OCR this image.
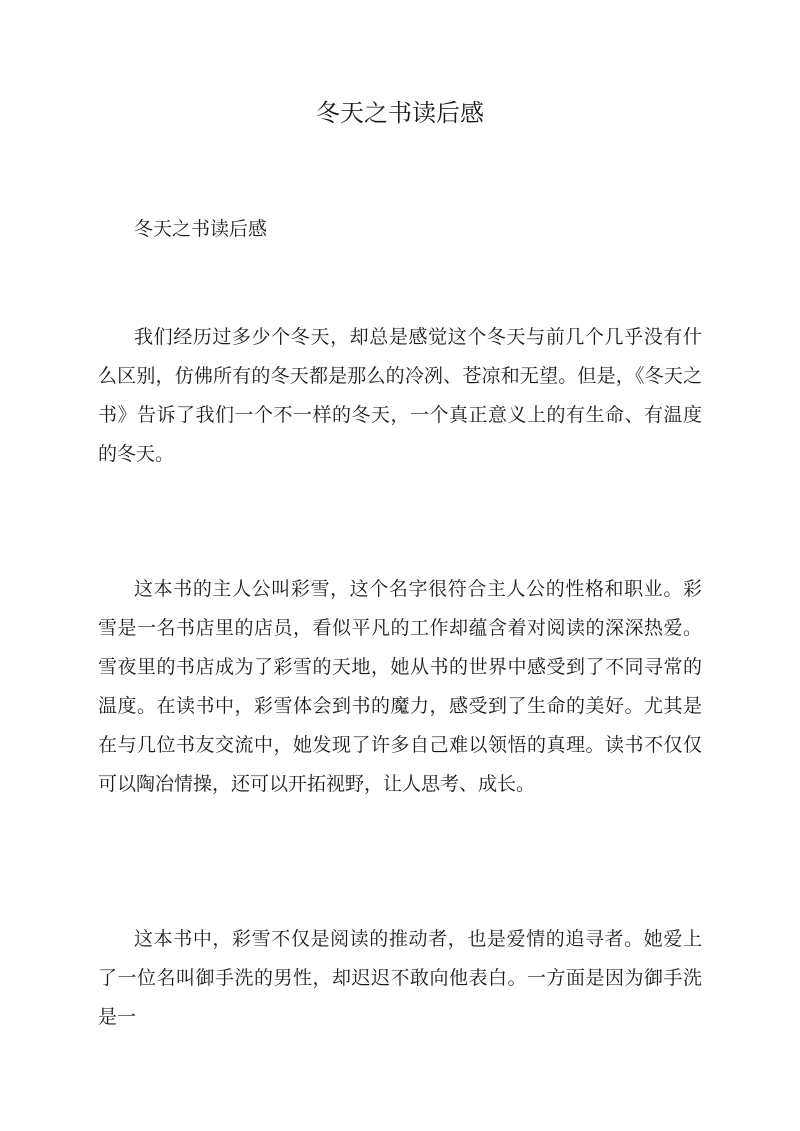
冬天之书读后感

冬天之书读后感

我们经历过多少个冬天，却总是感觉这个冬天与前几个几乎没有什么区别，仿佛所有的冬天都是那么的冷冽、苍凉和无望。但是，《冬天之书》告诉了我们一个不一样的冬天，一个真正意义上的有生命、有温度的冬天。

这本书的主人公叫彩雪，这个名字很符合主人公的性格和职业。彩雪是一名书店里的店员，看似平凡的工作却蕴含着对阅读的深深热爱。雪夜里的书店成为了彩雪的天地，她从书的世界中感受到了不同寻常的温度。在读书中，彩雪体会到书的魔力，感受到了生命的美好。尤其是在与几位书友交流中，她发现了许多自己难以领悟的真理。读书不仅仅可以陶冶情操，还可以开拓视野，让人思考、成长。

这本书中，彩雪不仅是阅读的推动者，也是爱情的追寻者。她爱上了一位名叫御手洗的男性，却迟迟不敢向他表白。一方面是因为御手洗是一
